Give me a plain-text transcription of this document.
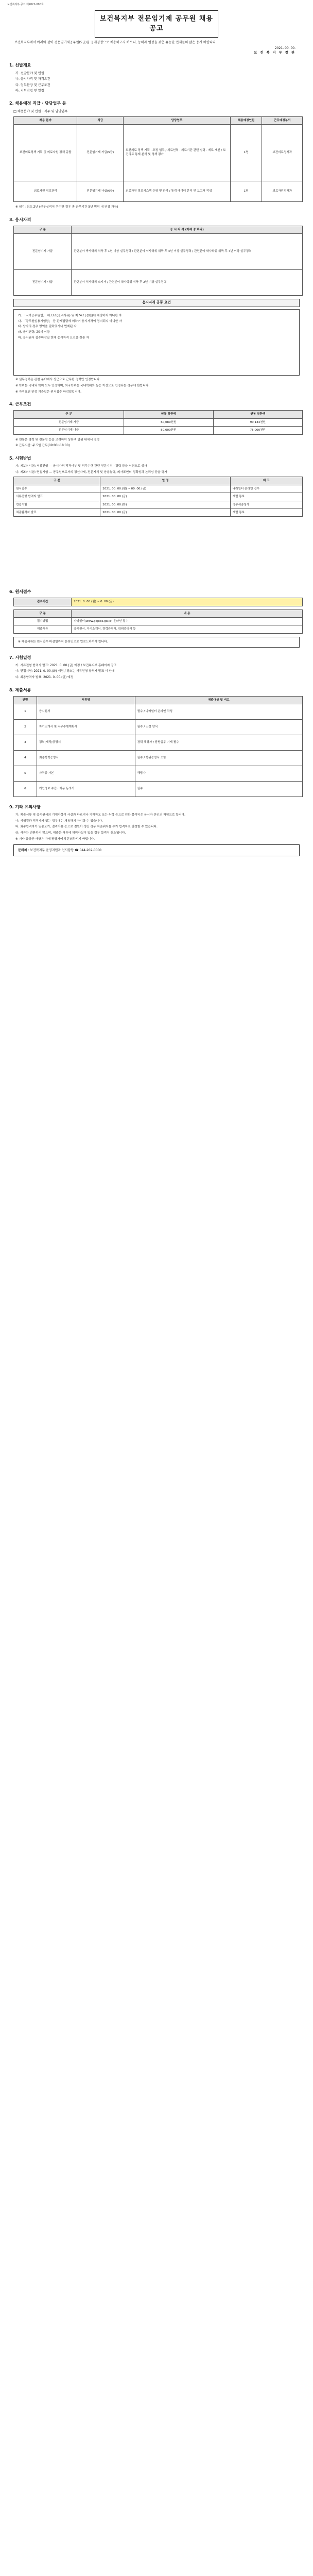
보건복지부 공고 제2021-000호
보건복지부 전문임기제 공무원 채용 공고

보건복지부에서 아래와 같이 전문임기제공무원(5급)을 공개경쟁으로 채용하고자 하오니, 능력과 열정을 갖춘 유능한 인재들의 많은 응시 바랍니다.

2021. 00. 00.
보 건 복 지 부 장 관
1. 선발개요
가. 선발분야 및 인원
나. 응시자격 및 자격요건
다. 업무분장 및 근무조건
라. 시험방법 및 일정
2. 채용예정 직급 · 담당업무 등
□ 채용분야 및 인원 · 직무 및 담당업무
채용 분야	직급	담당업무	채용예정인원	근무예정부서
보건의료정책 기획 및 의료자원 정책 총괄	전문임기제 가급(5급)	보건의료 정책 기획 · 조정 업무 / 의료인력 · 의료기관 관련 법령 · 제도 개선 / 보건의료 통계 분석 및 정책 평가	1명	보건의료정책과
의료자원 정보관리	전문임기제 나급(6급)	의료자원 정보시스템 운영 및 관리 / 통계 데이터 분석 및 보고서 작성	1명	의료자원정책과
※ 임기: 최초 2년 (근무실적이 우수한 경우 총 근무기간 5년 범위 내 연장 가능)
3. 응시자격
구 분	응 시 자 격 (아래 중 하나)
전문임기제 가급	관련분야 박사학위 취득 후 1년 이상 실무경력 / 관련분야 석사학위 취득 후 4년 이상 실무경력 / 관련분야 학사학위 취득 후 7년 이상 실무경력
전문임기제 나급	관련분야 석사학위 소지자 / 관련분야 학사학위 취득 후 2년 이상 실무경력
응시자격 공통 요건

가. 「국가공무원법」 제33조(결격사유) 및 제74조(정년)에 해당하지 아니한 자

나. 「공무원임용시험령」 등 관계법령에 의하여 응시자격이 정지되지 아니한 자

다. 남자의 경우 병역을 필하였거나 면제된 자

라. 응시연령: 20세 이상

마. 응시원서 접수마감일 현재 응시자격 요건을 갖춘 자

※ 실무경력은 관련 분야에서 상근으로 근무한 경력만 인정합니다.
※ 학위는 국내외 학위 모두 인정하며, 외국학위는 국내학위와 동등 이상으로 인정되는 경우에 한합니다.
※ 자격요건 인정 기준일은 원서접수 마감일입니다.
4. 근무조건
구 분	연봉 하한액	연봉 상한액
전문임기제 가급	60,089천원	90,134천원
전문임기제 나급	50,000천원	75,000천원
※ 연봉은 경력 및 전문성 등을 고려하여 상한액 범위 내에서 결정
※ 근무시간: 주 5일 근무(09:00~18:00)
5. 시험방법
가. 제1차 시험: 서류전형 — 응시자격 적격여부 및 직무수행 관련 전문지식 · 경력 등을 서면으로 심사
나. 제2차 시험: 면접시험 — 공무원으로서의 정신자세, 전문지식 및 응용능력, 의사표현의 정확성과 논리성 등을 평가
구 분	일 정	비 고
원서접수	2021. 00. 00.(월) ~ 00. 00.(금)	나라일터 온라인 접수
서류전형 합격자 발표	2021. 00. 00.(금)	개별 통보
면접시험	2021. 00. 00.(화)	정부세종청사
최종합격자 발표	2021. 00. 00.(금)	개별 통보
6. 원서접수
접수기간	2021. 0. 00.(월) ~ 0. 00.(금)
구 분	내 용
접수방법	나라일터(www.gojobs.go.kr) 온라인 접수
제출서류	응시원서, 자기소개서, 경력증명서, 학위증명서 등
※ 제출서류는 원서접수 마감일까지 온라인으로 업로드하여야 합니다.
7. 시험일정
가. 서류전형 합격자 발표: 2021. 0. 00.(금) 예정 / 보건복지부 홈페이지 공고
나. 면접시험: 2021. 0. 00.(화) 예정 / 장소는 서류전형 합격자 발표 시 안내
다. 최종합격자 발표: 2021. 0. 00.(금) 예정
8. 제출서류
연번	서류명	제출대상 및 비고
1	응시원서	필수 / 나라일터 온라인 작성
2	자기소개서 및 직무수행계획서	필수 / 소정 양식
3	경력(재직)증명서	경력 해당자 / 담당업무 기재 필수
4	최종학력증명서	필수 / 학위증명서 포함
5	자격증 사본	해당자
6	개인정보 수집 · 이용 동의서	필수
9. 기타 유의사항
가. 제출서류 및 응시원서의 기재사항이 사실과 다르거나 기재착오 또는 누락 등으로 인한 불이익은 응시자 본인의 책임으로 합니다.
나. 시험결과 적격자가 없는 경우에는 채용하지 아니할 수 있습니다.
다. 최종합격자가 임용포기, 결격사유 등으로 결원이 생긴 경우 차순위자를 추가 합격자로 결정할 수 있습니다.
라. 서류는 반환하지 않으며, 제출한 서류에 허위사실이 있을 경우 합격이 취소됩니다.
※ 기타 궁금한 사항은 아래 담당자에게 문의하시기 바랍니다.
문의처 : 보건복지부 운영지원과 인사담당 ☎ 044-202-0000
